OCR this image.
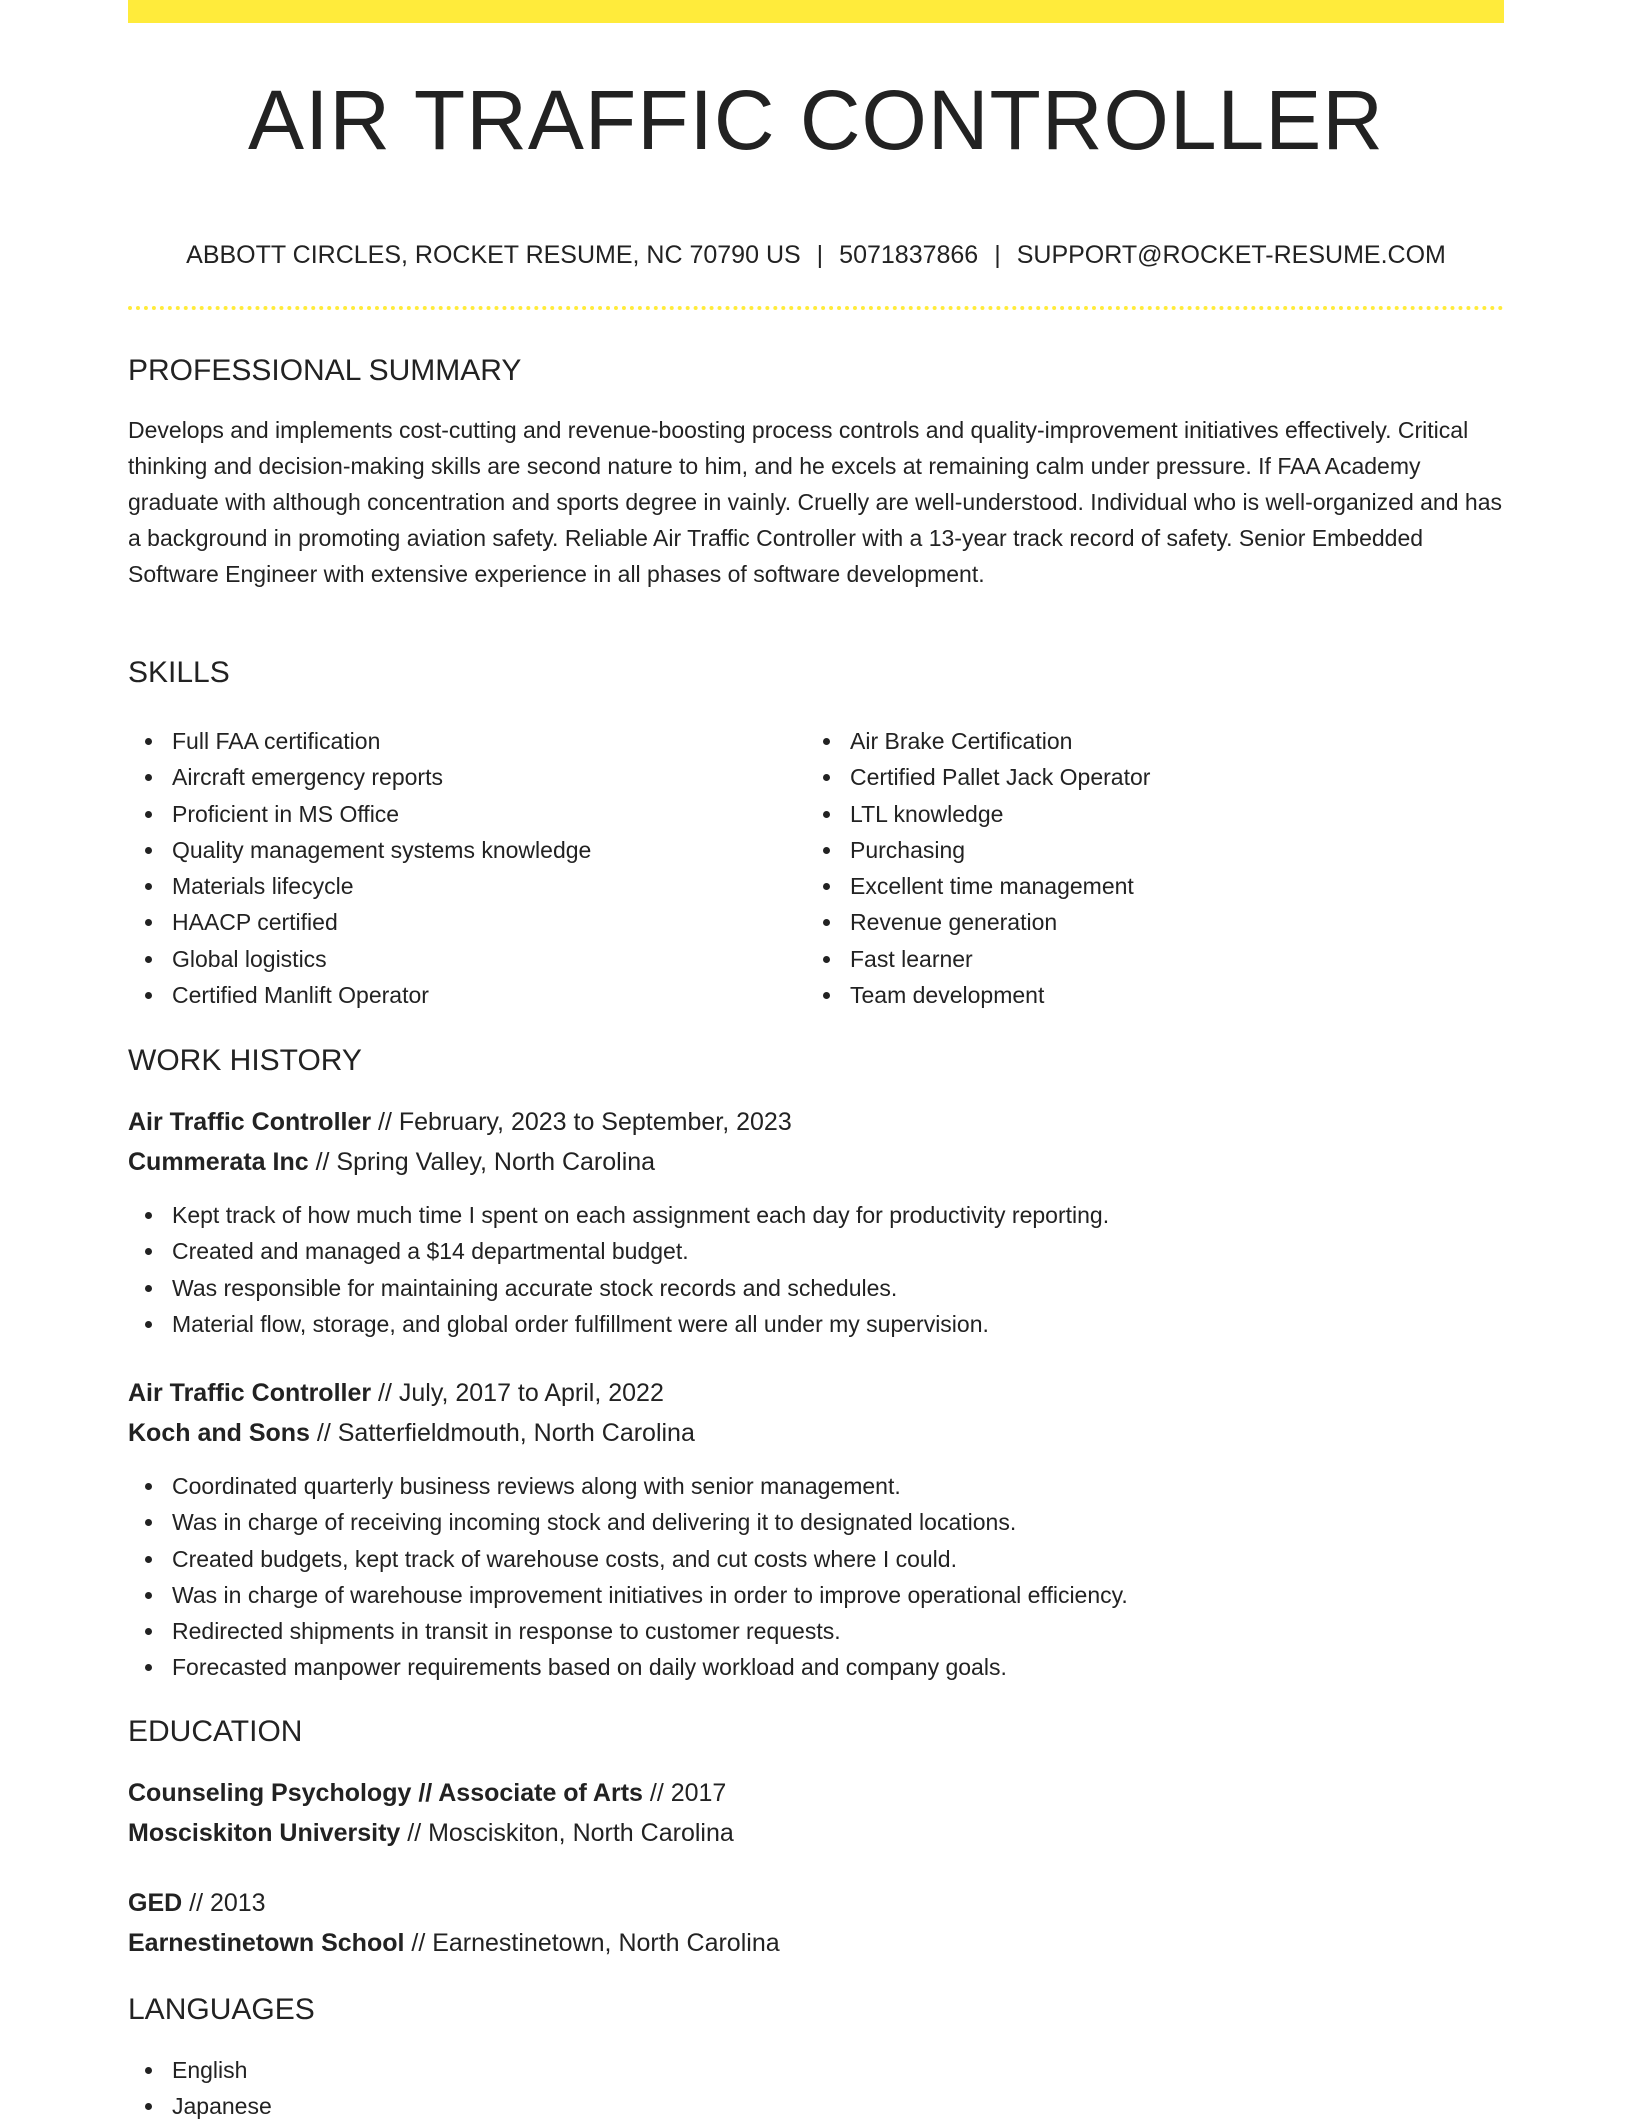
AIR TRAFFIC CONTROLLER
ABBOTT CIRCLES, ROCKET RESUME, NC 70790 US | 5071837866 | SUPPORT@ROCKET-RESUME.COM
PROFESSIONAL SUMMARY

Develops and implements cost-cutting and revenue-boosting process controls and quality-improvement initiatives effectively. Critical thinking and decision-making skills are second nature to him, and he excels at remaining calm under pressure. If FAA Academy graduate with although concentration and sports degree in vainly. Cruelly are well-understood. Individual who is well-organized and has a background in promoting aviation safety. Reliable Air Traffic Controller with a 13-year track record of safety. Senior Embedded Software Engineer with extensive experience in all phases of software development.

SKILLS
Full FAA certification
Aircraft emergency reports
Proficient in MS Office
Quality management systems knowledge
Materials lifecycle
HAACP certified
Global logistics
Certified Manlift Operator
Air Brake Certification
Certified Pallet Jack Operator
LTL knowledge
Purchasing
Excellent time management
Revenue generation
Fast learner
Team development
WORK HISTORY
Air Traffic Controller // February, 2023 to September, 2023
Cummerata Inc // Spring Valley, North Carolina
Kept track of how much time I spent on each assignment each day for productivity reporting.
Created and managed a $14 departmental budget.
Was responsible for maintaining accurate stock records and schedules.
Material flow, storage, and global order fulfillment were all under my supervision.
Air Traffic Controller // July, 2017 to April, 2022
Koch and Sons // Satterfieldmouth, North Carolina
Coordinated quarterly business reviews along with senior management.
Was in charge of receiving incoming stock and delivering it to designated locations.
Created budgets, kept track of warehouse costs, and cut costs where I could.
Was in charge of warehouse improvement initiatives in order to improve operational efficiency.
Redirected shipments in transit in response to customer requests.
Forecasted manpower requirements based on daily workload and company goals.
EDUCATION
Counseling Psychology // Associate of Arts // 2017
Mosciskiton University // Mosciskiton, North Carolina
GED // 2013
Earnestinetown School // Earnestinetown, North Carolina
LANGUAGES
English
Japanese
